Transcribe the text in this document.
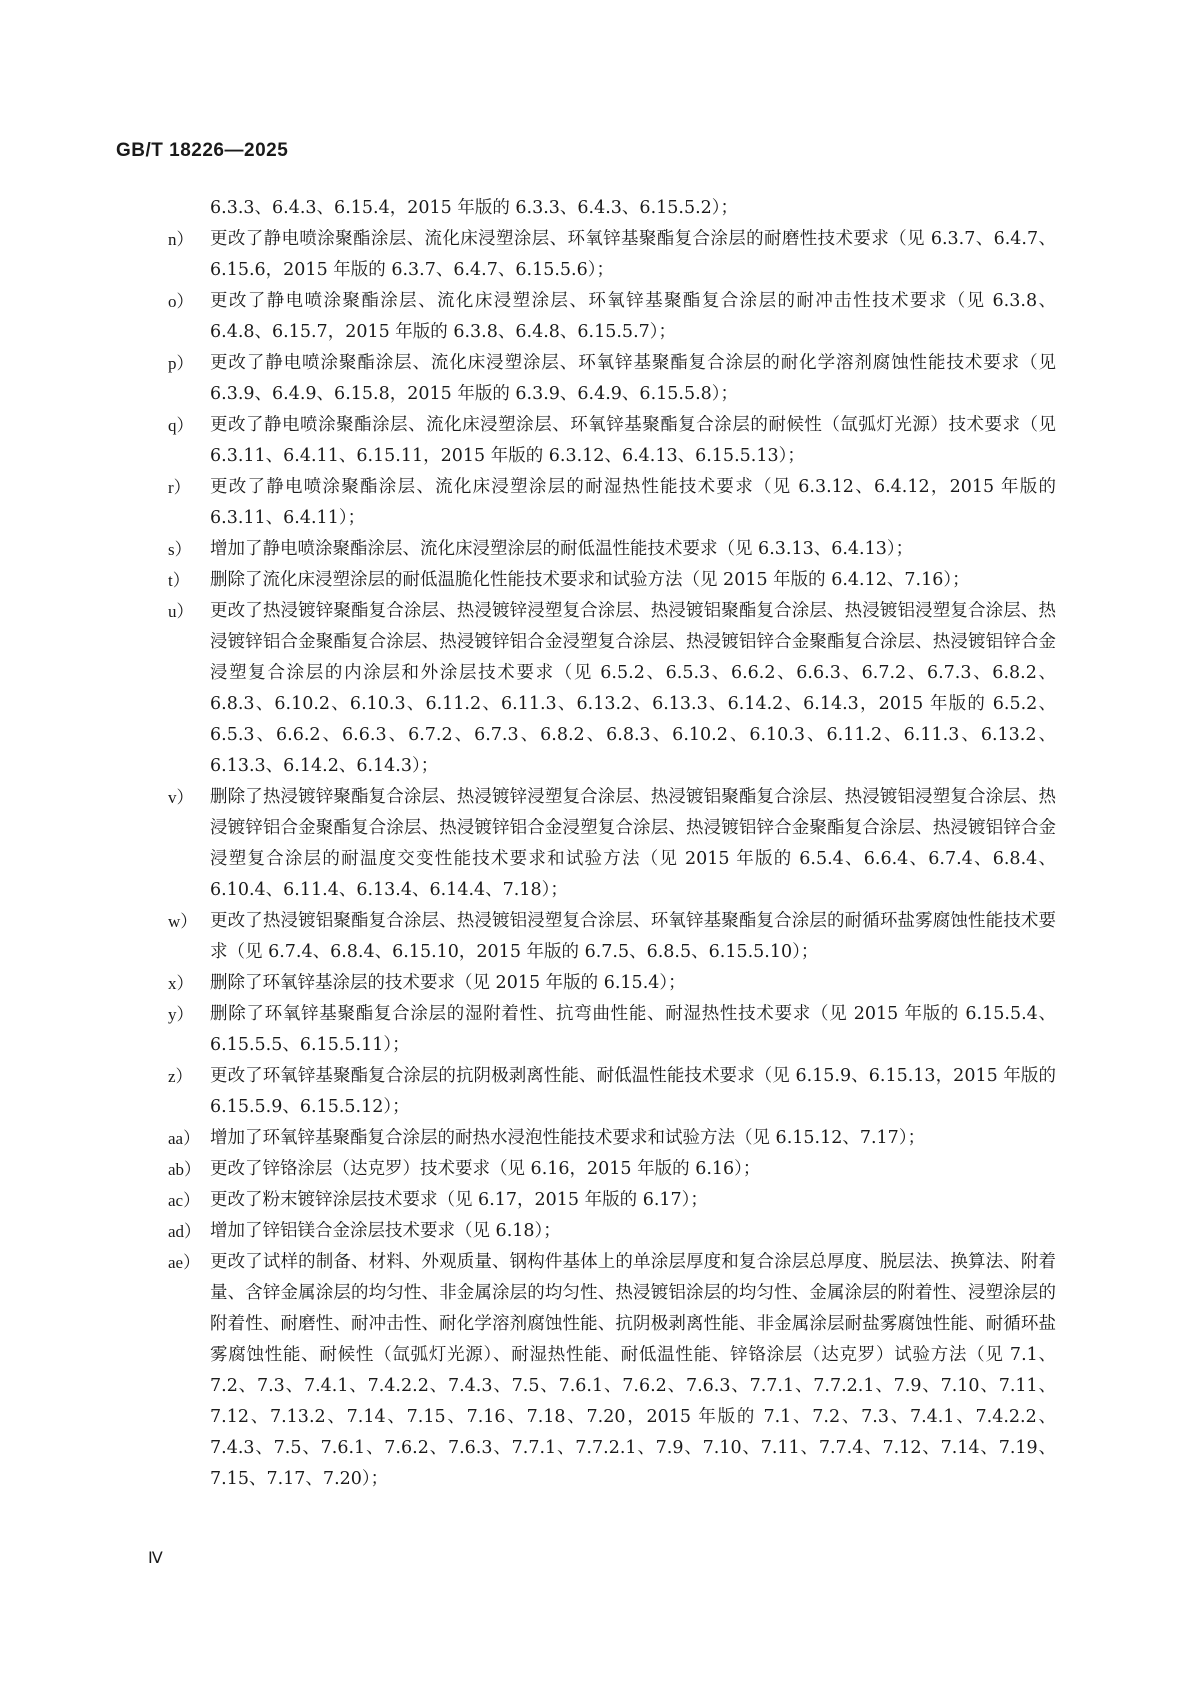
GB/T 18226—2025
6.3.3、6.4.3、6.15.4，2015 年版的 6.3.3、6.4.3、6.15.5.2）；
n） 更改了静电喷涂聚酯涂层、流化床浸塑涂层、环氧锌基聚酯复合涂层的耐磨性技术要求（见 6.3.7、6.4.7、6.15.6，2015 年版的 6.3.7、6.4.7、6.15.5.6）；
o） 更改了静电喷涂聚酯涂层、流化床浸塑涂层、环氧锌基聚酯复合涂层的耐冲击性技术要求（见 6.3.8、6.4.8、6.15.7，2015 年版的 6.3.8、6.4.8、6.15.5.7）；
p） 更改了静电喷涂聚酯涂层、流化床浸塑涂层、环氧锌基聚酯复合涂层的耐化学溶剂腐蚀性能技术要求（见 6.3.9、6.4.9、6.15.8，2015 年版的 6.3.9、6.4.9、6.15.5.8）；
q） 更改了静电喷涂聚酯涂层、流化床浸塑涂层、环氧锌基聚酯复合涂层的耐候性（氙弧灯光源）技术要求（见 6.3.11、6.4.11、6.15.11，2015 年版的 6.3.12、6.4.13、6.15.5.13）；
r） 更改了静电喷涂聚酯涂层、流化床浸塑涂层的耐湿热性能技术要求（见 6.3.12、6.4.12，2015 年版的 6.3.11、6.4.11）；
s） 增加了静电喷涂聚酯涂层、流化床浸塑涂层的耐低温性能技术要求（见 6.3.13、6.4.13）；
t） 删除了流化床浸塑涂层的耐低温脆化性能技术要求和试验方法（见 2015 年版的 6.4.12、7.16）；
u） 更改了热浸镀锌聚酯复合涂层、热浸镀锌浸塑复合涂层、热浸镀铝聚酯复合涂层、热浸镀铝浸塑复合涂层、热浸镀锌铝合金聚酯复合涂层、热浸镀锌铝合金浸塑复合涂层、热浸镀铝锌合金聚酯复合涂层、热浸镀铝锌合金浸塑复合涂层的内涂层和外涂层技术要求（见 6.5.2、6.5.3、6.6.2、6.6.3、6.7.2、6.7.3、6.8.2、6.8.3、6.10.2、6.10.3、6.11.2、6.11.3、6.13.2、6.13.3、6.14.2、6.14.3，2015 年版的 6.5.2、6.5.3、6.6.2、6.6.3、6.7.2、6.7.3、6.8.2、6.8.3、6.10.2、6.10.3、6.11.2、6.11.3、6.13.2、6.13.3、6.14.2、6.14.3）；
v） 删除了热浸镀锌聚酯复合涂层、热浸镀锌浸塑复合涂层、热浸镀铝聚酯复合涂层、热浸镀铝浸塑复合涂层、热浸镀锌铝合金聚酯复合涂层、热浸镀锌铝合金浸塑复合涂层、热浸镀铝锌合金聚酯复合涂层、热浸镀铝锌合金浸塑复合涂层的耐温度交变性能技术要求和试验方法（见 2015 年版的 6.5.4、6.6.4、6.7.4、6.8.4、6.10.4、6.11.4、6.13.4、6.14.4、7.18）；
w） 更改了热浸镀铝聚酯复合涂层、热浸镀铝浸塑复合涂层、环氧锌基聚酯复合涂层的耐循环盐雾腐蚀性能技术要求（见 6.7.4、6.8.4、6.15.10，2015 年版的 6.7.5、6.8.5、6.15.5.10）；
x） 删除了环氧锌基涂层的技术要求（见 2015 年版的 6.15.4）；
y） 删除了环氧锌基聚酯复合涂层的湿附着性、抗弯曲性能、耐湿热性技术要求（见 2015 年版的 6.15.5.4、6.15.5.5、6.15.5.11）；
z） 更改了环氧锌基聚酯复合涂层的抗阴极剥离性能、耐低温性能技术要求（见 6.15.9、6.15.13，2015 年版的 6.15.5.9、6.15.5.12）；
aa） 增加了环氧锌基聚酯复合涂层的耐热水浸泡性能技术要求和试验方法（见 6.15.12、7.17）；
ab） 更改了锌铬涂层（达克罗）技术要求（见 6.16，2015 年版的 6.16）；
ac） 更改了粉末镀锌涂层技术要求（见 6.17，2015 年版的 6.17）；
ad） 增加了锌铝镁合金涂层技术要求（见 6.18）；
ae） 更改了试样的制备、材料、外观质量、钢构件基体上的单涂层厚度和复合涂层总厚度、脱层法、换算法、附着量、含锌金属涂层的均匀性、非金属涂层的均匀性、热浸镀铝涂层的均匀性、金属涂层的附着性、浸塑涂层的附着性、耐磨性、耐冲击性、耐化学溶剂腐蚀性能、抗阴极剥离性能、非金属涂层耐盐雾腐蚀性能、耐循环盐雾腐蚀性能、耐候性（氙弧灯光源）、耐湿热性能、耐低温性能、锌铬涂层（达克罗）试验方法（见 7.1、7.2、7.3、7.4.1、7.4.2.2、7.4.3、7.5、7.6.1、7.6.2、7.6.3、7.7.1、7.7.2.1、7.9、7.10、7.11、7.12、7.13.2、7.14、7.15、7.16、7.18、7.20，2015 年版的 7.1、7.2、7.3、7.4.1、7.4.2.2、7.4.3、7.5、7.6.1、7.6.2、7.6.3、7.7.1、7.7.2.1、7.9、7.10、7.11、7.7.4、7.12、7.14、7.19、7.15、7.17、7.20）；
Ⅳ
